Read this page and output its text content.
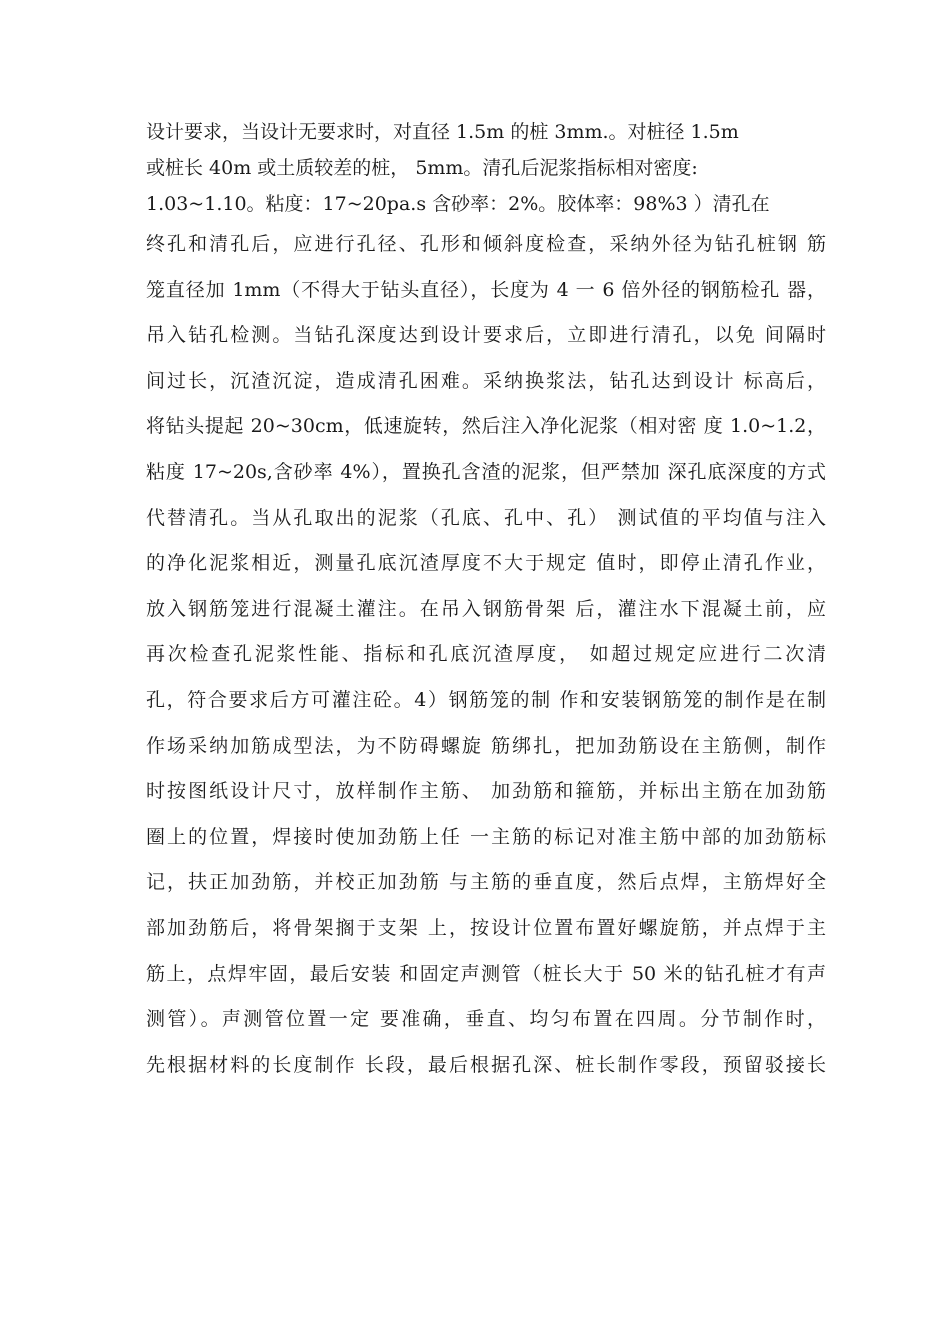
设计要求，当设计无要求时，对直径 1.5m 的桩 3mm.。对桩径 1.5m
或桩长 40m 或土质较差的桩， 5mm。清孔后泥浆指标相对密度:
1.03~1.10。粘度：17~20pa.s 含砂率：2%。胶体率：98%3 ）清孔在
终孔和清孔后，应进行孔径、孔形和倾斜度检查，采纳外径为钻孔桩钢 筋
笼直径加 1mm（不得大于钻头直径），长度为 4 一 6 倍外径的钢筋检孔 器，
吊入钻孔检测。当钻孔深度达到设计要求后，立即进行清孔，以免 间隔时
间过长，沉渣沉淀，造成清孔困难。采纳换浆法，钻孔达到设计 标高后，
将钻头提起 20~30cm，低速旋转，然后注入净化泥浆（相对密 度 1.0~1.2，
粘度 17~20s,含砂率 4%），置换孔含渣的泥浆，但严禁加 深孔底深度的方式
代替清孔。当从孔取出的泥浆（孔底、孔中、孔） 测试值的平均值与注入
的净化泥浆相近，测量孔底沉渣厚度不大于规定 值时，即停止清孔作业，
放入钢筋笼进行混凝土灌注。在吊入钢筋骨架 后，灌注水下混凝土前，应
再次检查孔泥浆性能、指标和孔底沉渣厚度， 如超过规定应进行二次清
孔，符合要求后方可灌注砼。4）钢筋笼的制 作和安装钢筋笼的制作是在制
作场采纳加筋成型法，为不防碍螺旋 筋绑扎，把加劲筋设在主筋侧，制作
时按图纸设计尺寸，放样制作主筋、 加劲筋和箍筋，并标出主筋在加劲筋
圈上的位置，焊接时使加劲筋上任 一主筋的标记对准主筋中部的加劲筋标
记，扶正加劲筋，并校正加劲筋 与主筋的垂直度，然后点焊，主筋焊好全
部加劲筋后，将骨架搁于支架 上，按设计位置布置好螺旋筋，并点焊于主
筋上，点焊牢固，最后安装 和固定声测管（桩长大于 50 米的钻孔桩才有声
测管）。声测管位置一定 要准确，垂直、均匀布置在四周。分节制作时，
先根据材料的长度制作 长段，最后根据孔深、桩长制作零段，预留驳接长
